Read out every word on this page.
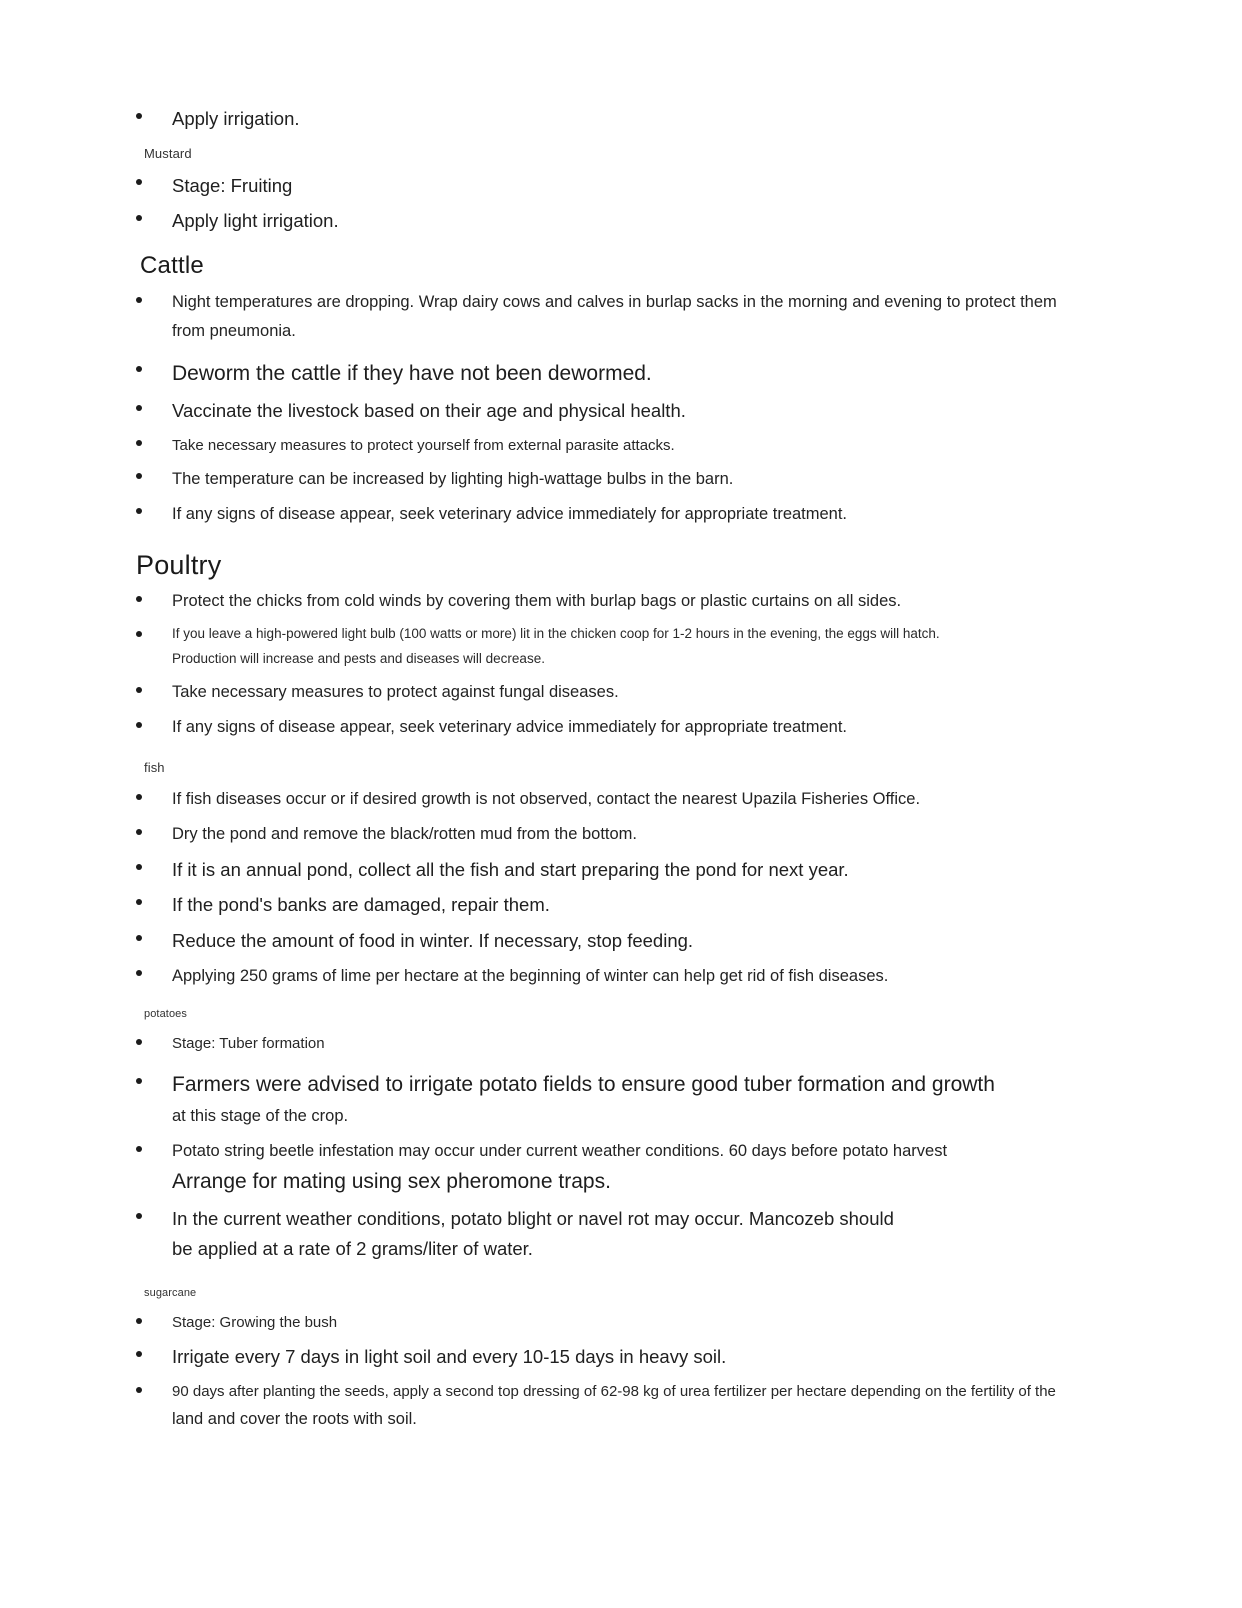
Apply irrigation.
Mustard
Stage: Fruiting
Apply light irrigation.
Cattle
Night temperatures are dropping. Wrap dairy cows and calves in burlap sacks in the morning and evening to protect them
from pneumonia.
Deworm the cattle if they have not been dewormed.
Vaccinate the livestock based on their age and physical health.
Take necessary measures to protect yourself from external parasite attacks.
The temperature can be increased by lighting high-wattage bulbs in the barn.
If any signs of disease appear, seek veterinary advice immediately for appropriate treatment.
Poultry
Protect the chicks from cold winds by covering them with burlap bags or plastic curtains on all sides.
If you leave a high-powered light bulb (100 watts or more) lit in the chicken coop for 1-2 hours in the evening, the eggs will hatch.
Production will increase and pests and diseases will decrease.
Take necessary measures to protect against fungal diseases.
If any signs of disease appear, seek veterinary advice immediately for appropriate treatment.
fish
If fish diseases occur or if desired growth is not observed, contact the nearest Upazila Fisheries Office.
Dry the pond and remove the black/rotten mud from the bottom.
If it is an annual pond, collect all the fish and start preparing the pond for next year.
If the pond's banks are damaged, repair them.
Reduce the amount of food in winter. If necessary, stop feeding.
Applying 250 grams of lime per hectare at the beginning of winter can help get rid of fish diseases.
potatoes
Stage: Tuber formation
Farmers were advised to irrigate potato fields to ensure good tuber formation and growth
at this stage of the crop.
Potato string beetle infestation may occur under current weather conditions. 60 days before potato harvest
Arrange for mating using sex pheromone traps.
In the current weather conditions, potato blight or navel rot may occur. Mancozeb should
be applied at a rate of 2 grams/liter of water.
sugarcane
Stage: Growing the bush
Irrigate every 7 days in light soil and every 10-15 days in heavy soil.
90 days after planting the seeds, apply a second top dressing of 62-98 kg of urea fertilizer per hectare depending on the fertility of the
land and cover the roots with soil.
